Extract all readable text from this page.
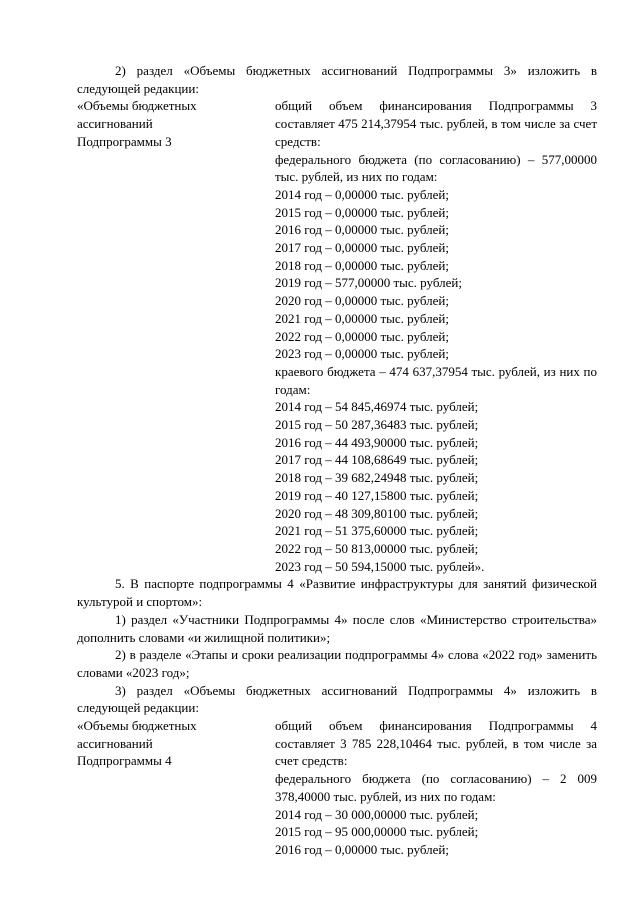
2) раздел «Объемы бюджетных ассигнований Подпрограммы 3» изложить в следующей редакции:

«Объемы бюджетных
ассигнований
Подпрограммы 3
общий объем финансирования Подпрограммы 3 составляет 475 214,37954 тыс. рублей, в том числе за счет средств:
федерального бюджета (по согласованию) – 577,00000 тыс. рублей, из них по годам:
2014 год – 0,00000 тыс. рублей;
2015 год – 0,00000 тыс. рублей;
2016 год – 0,00000 тыс. рублей;
2017 год – 0,00000 тыс. рублей;
2018 год – 0,00000 тыс. рублей;
2019 год – 577,00000 тыс. рублей;
2020 год – 0,00000 тыс. рублей;
2021 год – 0,00000 тыс. рублей;
2022 год – 0,00000 тыс. рублей;
2023 год – 0,00000 тыс. рублей;
краевого бюджета – 474 637,37954 тыс. рублей, из них по годам:
2014 год – 54 845,46974 тыс. рублей;
2015 год – 50 287,36483 тыс. рублей;
2016 год – 44 493,90000 тыс. рублей;
2017 год – 44 108,68649 тыс. рублей;
2018 год – 39 682,24948 тыс. рублей;
2019 год – 40 127,15800 тыс. рублей;
2020 год – 48 309,80100 тыс. рублей;
2021 год – 51 375,60000 тыс. рублей;
2022 год – 50 813,00000 тыс. рублей;
2023 год – 50 594,15000 тыс. рублей».

5. В паспорте подпрограммы 4 «Развитие инфраструктуры для занятий физической культурой и спортом»:

1) раздел «Участники Подпрограммы 4» после слов «Министерство строительства» дополнить словами «и жилищной политики»;

2) в разделе «Этапы и сроки реализации подпрограммы 4» слова «2022 год» заменить словами «2023 год»;

3) раздел «Объемы бюджетных ассигнований Подпрограммы 4» изложить в следующей редакции:

«Объемы бюджетных
ассигнований
Подпрограммы 4
общий объем финансирования Подпрограммы 4 составляет 3 785 228,10464 тыс. рублей, в том числе за счет средств:
федерального бюджета (по согласованию) – 2 009 378,40000 тыс. рублей, из них по годам:
2014 год – 30 000,00000 тыс. рублей;
2015 год – 95 000,00000 тыс. рублей;
2016 год – 0,00000 тыс. рублей;
